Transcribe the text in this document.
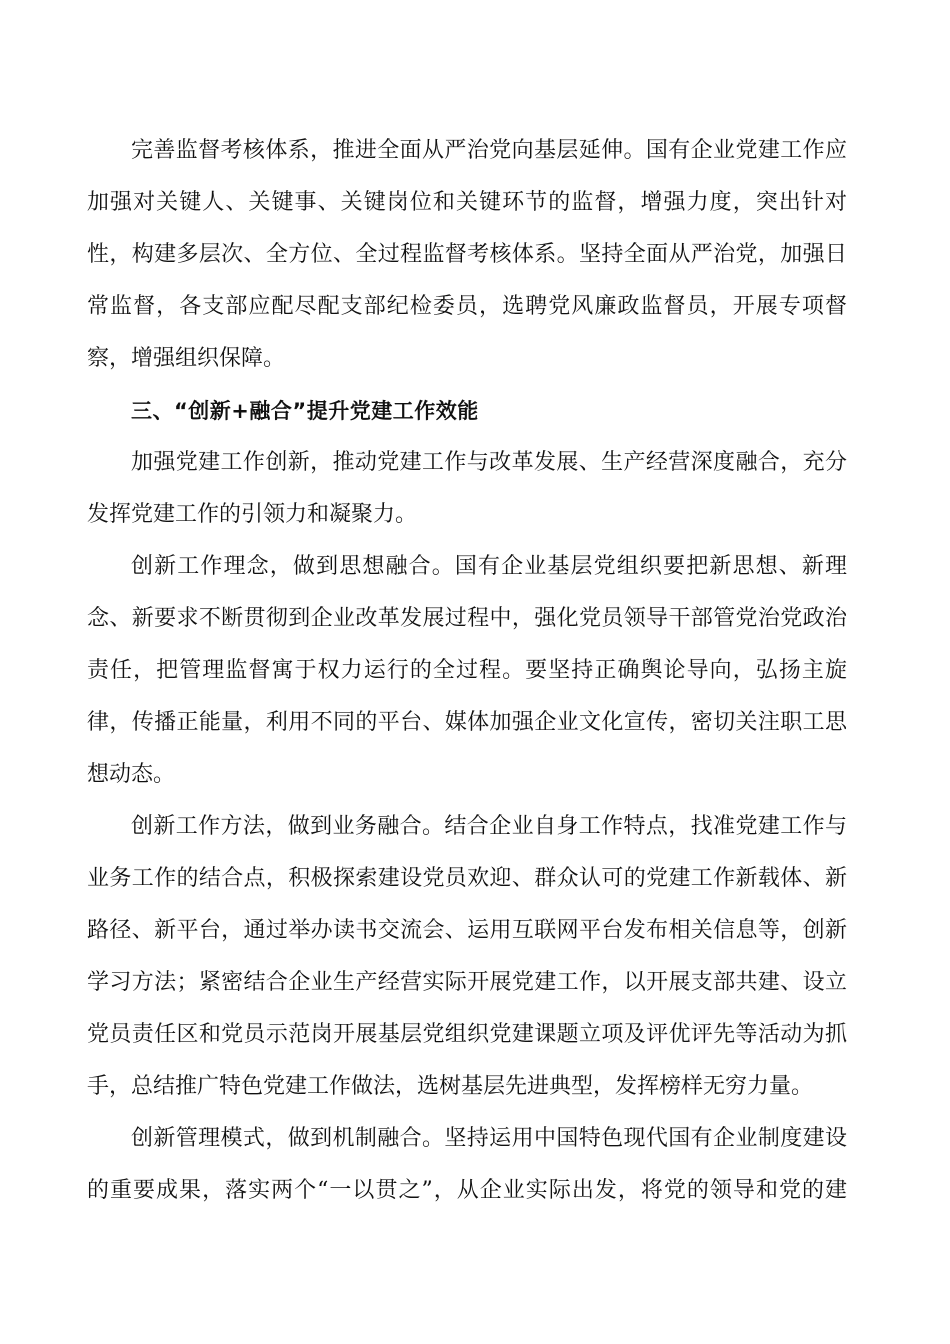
完善监督考核体系，推进全面从严治党向基层延伸。国有企业党建工作应
加强对关键人、关键事、关键岗位和关键环节的监督，增强力度，突出针对
性，构建多层次、全方位、全过程监督考核体系。坚持全面从严治党，加强日
常监督，各支部应配尽配支部纪检委员，选聘党风廉政监督员，开展专项督
察，增强组织保障。
三、“创新+融合”提升党建工作效能
加强党建工作创新，推动党建工作与改革发展、生产经营深度融合，充分
发挥党建工作的引领力和凝聚力。
创新工作理念，做到思想融合。国有企业基层党组织要把新思想、新理
念、新要求不断贯彻到企业改革发展过程中，强化党员领导干部管党治党政治
责任，把管理监督寓于权力运行的全过程。要坚持正确舆论导向，弘扬主旋
律，传播正能量，利用不同的平台、媒体加强企业文化宣传，密切关注职工思
想动态。
创新工作方法，做到业务融合。结合企业自身工作特点，找准党建工作与
业务工作的结合点，积极探索建设党员欢迎、群众认可的党建工作新载体、新
路径、新平台，通过举办读书交流会、运用互联网平台发布相关信息等，创新
学习方法；紧密结合企业生产经营实际开展党建工作，以开展支部共建、设立
党员责任区和党员示范岗开展基层党组织党建课题立项及评优评先等活动为抓
手，总结推广特色党建工作做法，选树基层先进典型，发挥榜样无穷力量。
创新管理模式，做到机制融合。坚持运用中国特色现代国有企业制度建设
的重要成果，落实两个“一以贯之”，从企业实际出发，将党的领导和党的建
